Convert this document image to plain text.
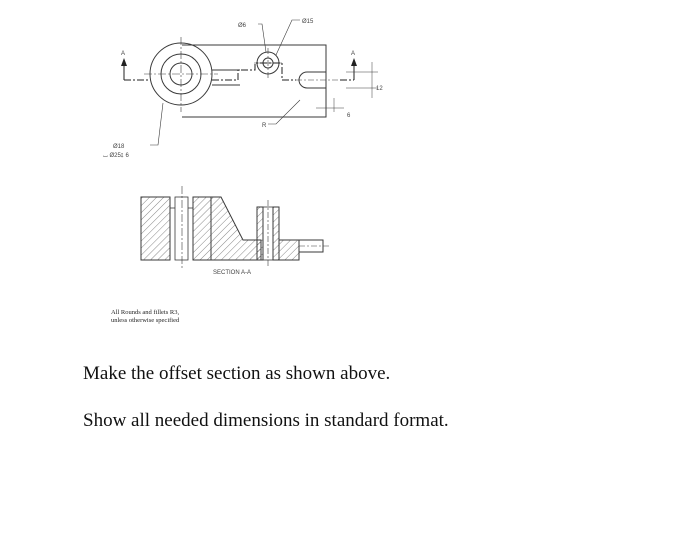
A	A
Ø6
Ø15
R
12
6
Ø18
⌴ Ø25↧ 6
SECTION A-A
All Rounds and fillets R3,
unless otherwise specified

Make the offset section as shown above.

Show all needed dimensions in standard format.
